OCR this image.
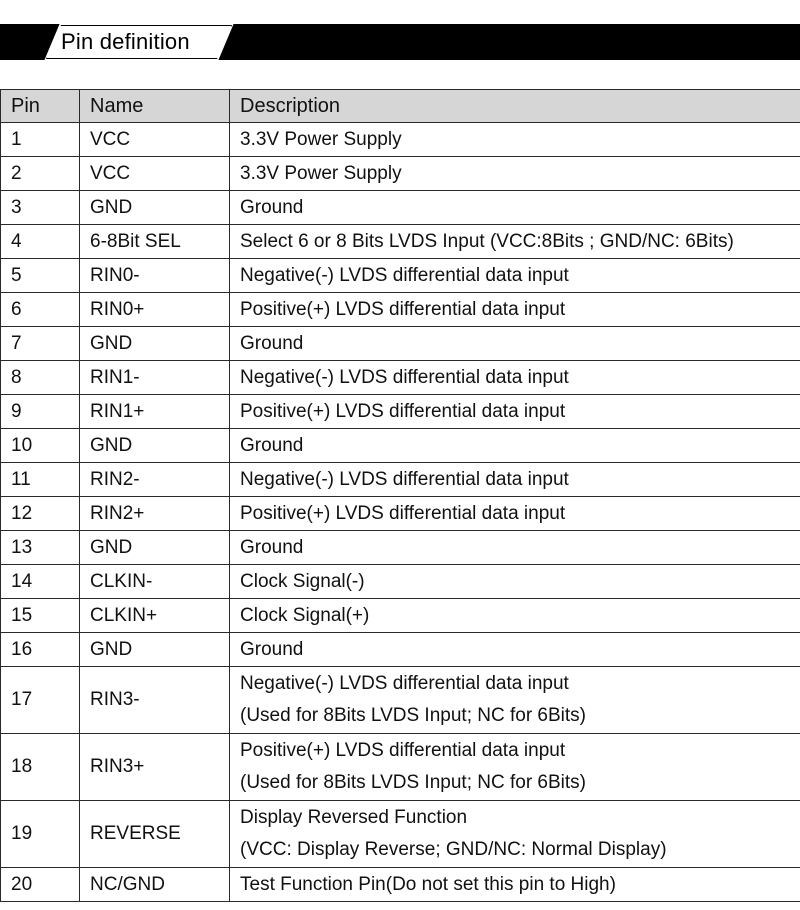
Pin definition
Pin	Name	Description
1	VCC	3.3V Power Supply

2	VCC	3.3V Power Supply

3	GND	Ground

4	6-8Bit SEL	Select 6 or 8 Bits LVDS Input (VCC:8Bits ; GND/NC: 6Bits)

5	RIN0-	Negative(-) LVDS differential data input

6	RIN0+	Positive(+) LVDS differential data input

7	GND	Ground

8	RIN1-	Negative(-) LVDS differential data input

9	RIN1+	Positive(+) LVDS differential data input

10	GND	Ground

11	RIN2-	Negative(-) LVDS differential data input

12	RIN2+	Positive(+) LVDS differential data input

13	GND	Ground

14	CLKIN-	Clock Signal(-)

15	CLKIN+	Clock Signal(+)

16	GND	Ground

17	RIN3-	Negative(-) LVDS differential data input
(Used for 8Bits LVDS Input; NC for 6Bits)

18	RIN3+	Positive(+) LVDS differential data input
(Used for 8Bits LVDS Input; NC for 6Bits)

19	REVERSE	Display Reversed Function
(VCC: Display Reverse; GND/NC: Normal Display)

20	NC/GND	Test Function Pin(Do not set this pin to High)
